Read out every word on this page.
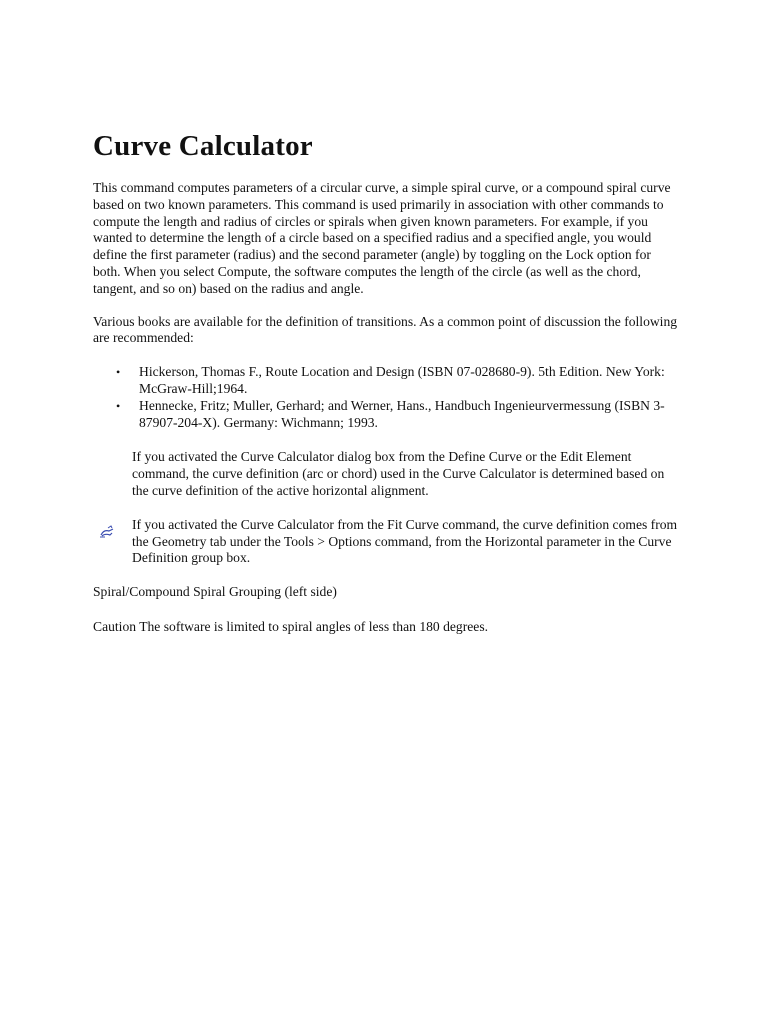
Curve Calculator

This command computes parameters of a circular curve, a simple spiral curve, or a compound spiral curve based on two known parameters. This command is used primarily in association with other commands to compute the length and radius of circles or spirals when given known parameters. For example, if you wanted to determine the length of a circle based on a specified radius and a specified angle, you would define the first parameter (radius) and the second parameter (angle) by toggling on the Lock option for both. When you select Compute, the software computes the length of the circle (as well as the chord, tangent, and so on) based on the radius and angle.

Various books are available for the definition of transitions. As a common point of discussion the following are recommended:

• Hickerson, Thomas F., Route Location and Design (ISBN 07-028680-9). 5th Edition. New York: McGraw-Hill;1964.
• Hennecke, Fritz; Muller, Gerhard; and Werner, Hans., Handbuch Ingenieurvermessung (ISBN 3-87907-204-X). Germany: Wichmann; 1993.

If you activated the Curve Calculator dialog box from the Define Curve or the Edit Element command, the curve definition (arc or chord) used in the Curve Calculator is determined based on the curve definition of the active horizontal alignment.

If you activated the Curve Calculator from the Fit Curve command, the curve definition comes from the Geometry tab under the Tools > Options command, from the Horizontal parameter in the Curve Definition group box.

Spiral/Compound Spiral Grouping (left side)

Caution The software is limited to spiral angles of less than 180 degrees.
